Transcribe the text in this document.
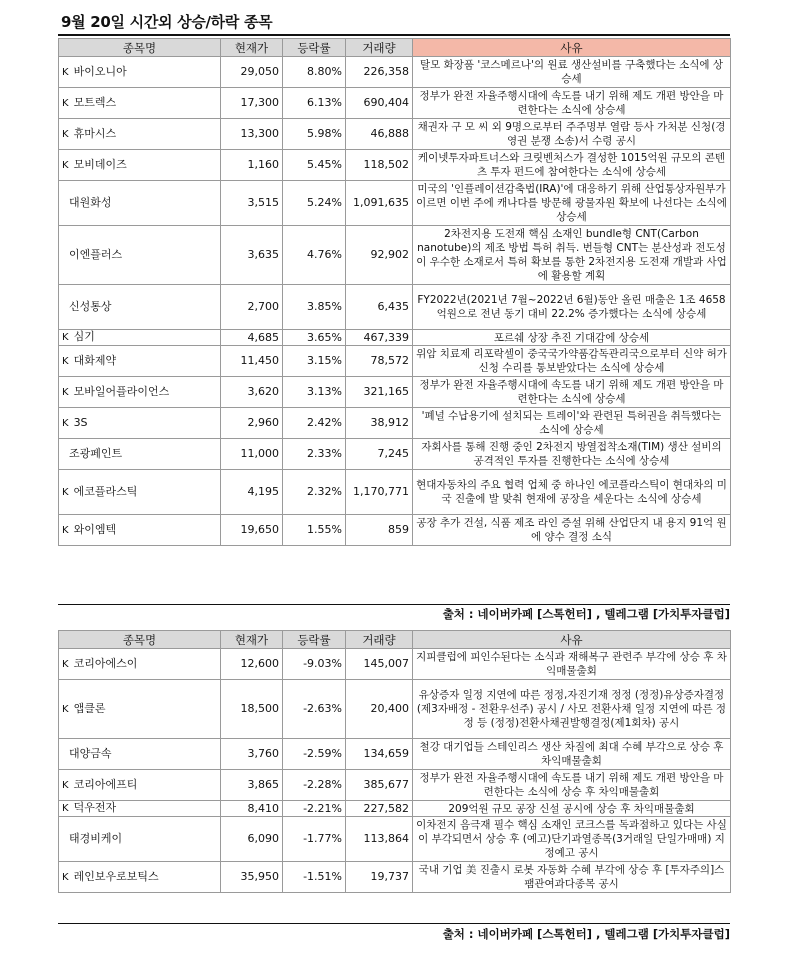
9월 20일 시간외 상승/하락 종목
종목명	현재가	등락률	거래량	사유
K 바이오니아	29,050	8.80%	226,358	탈모 화장품 '코스메르나'의 원료 생산설비를 구축했다는 소식에 상승세
K 모트렉스	17,300	6.13%	690,404	정부가 완전 자율주행시대에 속도를 내기 위해 제도 개편 방안을 마련한다는 소식에 상승세
K 휴마시스	13,300	5.98%	46,888	채권자 구 모 씨 외 9명으로부터 주주명부 열람 등사 가처분 신청(경영권 분쟁 소송)서 수령 공시
K 모비데이즈	1,160	5.45%	118,502	케이넷투자파트너스와 크릿벤처스가 결성한 1015억원 규모의 콘텐츠 투자 펀드에 참여한다는 소식에 상승세
대원화성	3,515	5.24%	1,091,635	미국의 '인플레이션감축법(IRA)'에 대응하기 위해 산업통상자원부가 이르면 이번 주에 캐나다를 방문해 광물자원 확보에 나선다는 소식에 상승세
이엔플러스	3,635	4.76%	92,902	2차전지용 도전재 핵심 소재인 bundle형 CNT(Carbon nanotube)의 제조 방법 특허 취득. 번들형 CNT는 분산성과 전도성이 우수한 소재로서 특허 확보를 통한 2차전지용 도전재 개발과 사업에 활용할 계획
신성통상	2,700	3.85%	6,435	FY2022년(2021년 7월~2022년 6월)동안 올린 매출은 1조 4658억원으로 전년 동기 대비 22.2% 증가했다는 소식에 상승세
K 심기	4,685	3.65%	467,339	포르쉐 상장 추진 기대감에 상승세
K 대화제약	11,450	3.15%	78,572	위암 치료제 리포락셀이 중국국가약품감독관리국으로부터 신약 허가 신청 수리를 통보받았다는 소식에 상승세
K 모바일어플라이언스	3,620	3.13%	321,165	정부가 완전 자율주행시대에 속도를 내기 위해 제도 개편 방안을 마련한다는 소식에 상승세
K 3S	2,960	2.42%	38,912	'폐널 수납용기에 설치되는 트레이'와 관련된 특허권을 취득했다는 소식에 상승세
조광페인트	11,000	2.33%	7,245	자회사를 통해 진행 중인 2차전지 방열접착소재(TIM) 생산 설비의 공격적인 투자를 진행한다는 소식에 상승세
K 에코플라스틱	4,195	2.32%	1,170,771	현대자동차의 주요 협력 업체 중 하나인 에코플라스틱이 현대차의 미국 진출에 발 맞춰 현재에 공장을 세운다는 소식에 상승세
K 와이엠텍	19,650	1.55%	859	공장 추가 건설, 식품 제조 라인 증설 위해 산업단지 내 용지 91억 원에 양수 결정 소식
출처 : 네이버카페 [스톡헌터] , 텔레그램 [가치투자클럽]
종목명	현재가	등락률	거래량	사유
K 코리아에스이	12,600	-9.03%	145,007	지피클럽에 피인수된다는 소식과 재해복구 관련주 부각에 상승 후 차익매물출회
K 앱클론	18,500	-2.63%	20,400	유상증자 일정 지연에 따른 정정,자진기재 정정 (정정)유상증자결정(제3자배정 - 전환우선주) 공시 / 사모 전환사채 일정 지연에 따른 정정 등 (정정)전환사채권발행결정(제1회차) 공시
대양금속	3,760	-2.59%	134,659	철강 대기업들 스테인리스 생산 차질에 최대 수혜 부각으로 상승 후 차익매물출회
K 코리아에프티	3,865	-2.28%	385,677	정부가 완전 자율주행시대에 속도를 내기 위해 제도 개편 방안을 마련한다는 소식에 상승 후 차익매물출회
K 덕우전자	8,410	-2.21%	227,582	209억원 규모 공장 신설 공시에 상승 후 차익매물출회
태경비케이	6,090	-1.77%	113,864	이차전지 음극재 필수 핵심 소재인 코크스를 독과점하고 있다는 사실이 부각되면서 상승 후 (예고)단기과열종목(3거래일 단일가매매) 지정예고 공시
K 레인보우로보틱스	35,950	-1.51%	19,737	국내 기업 美 진출시 로봇 자동화 수혜 부각에 상승 후 [투자주의]스팸관여과다종목 공시
출처 : 네이버카페 [스톡헌터] , 텔레그램 [가치투자클럽]
